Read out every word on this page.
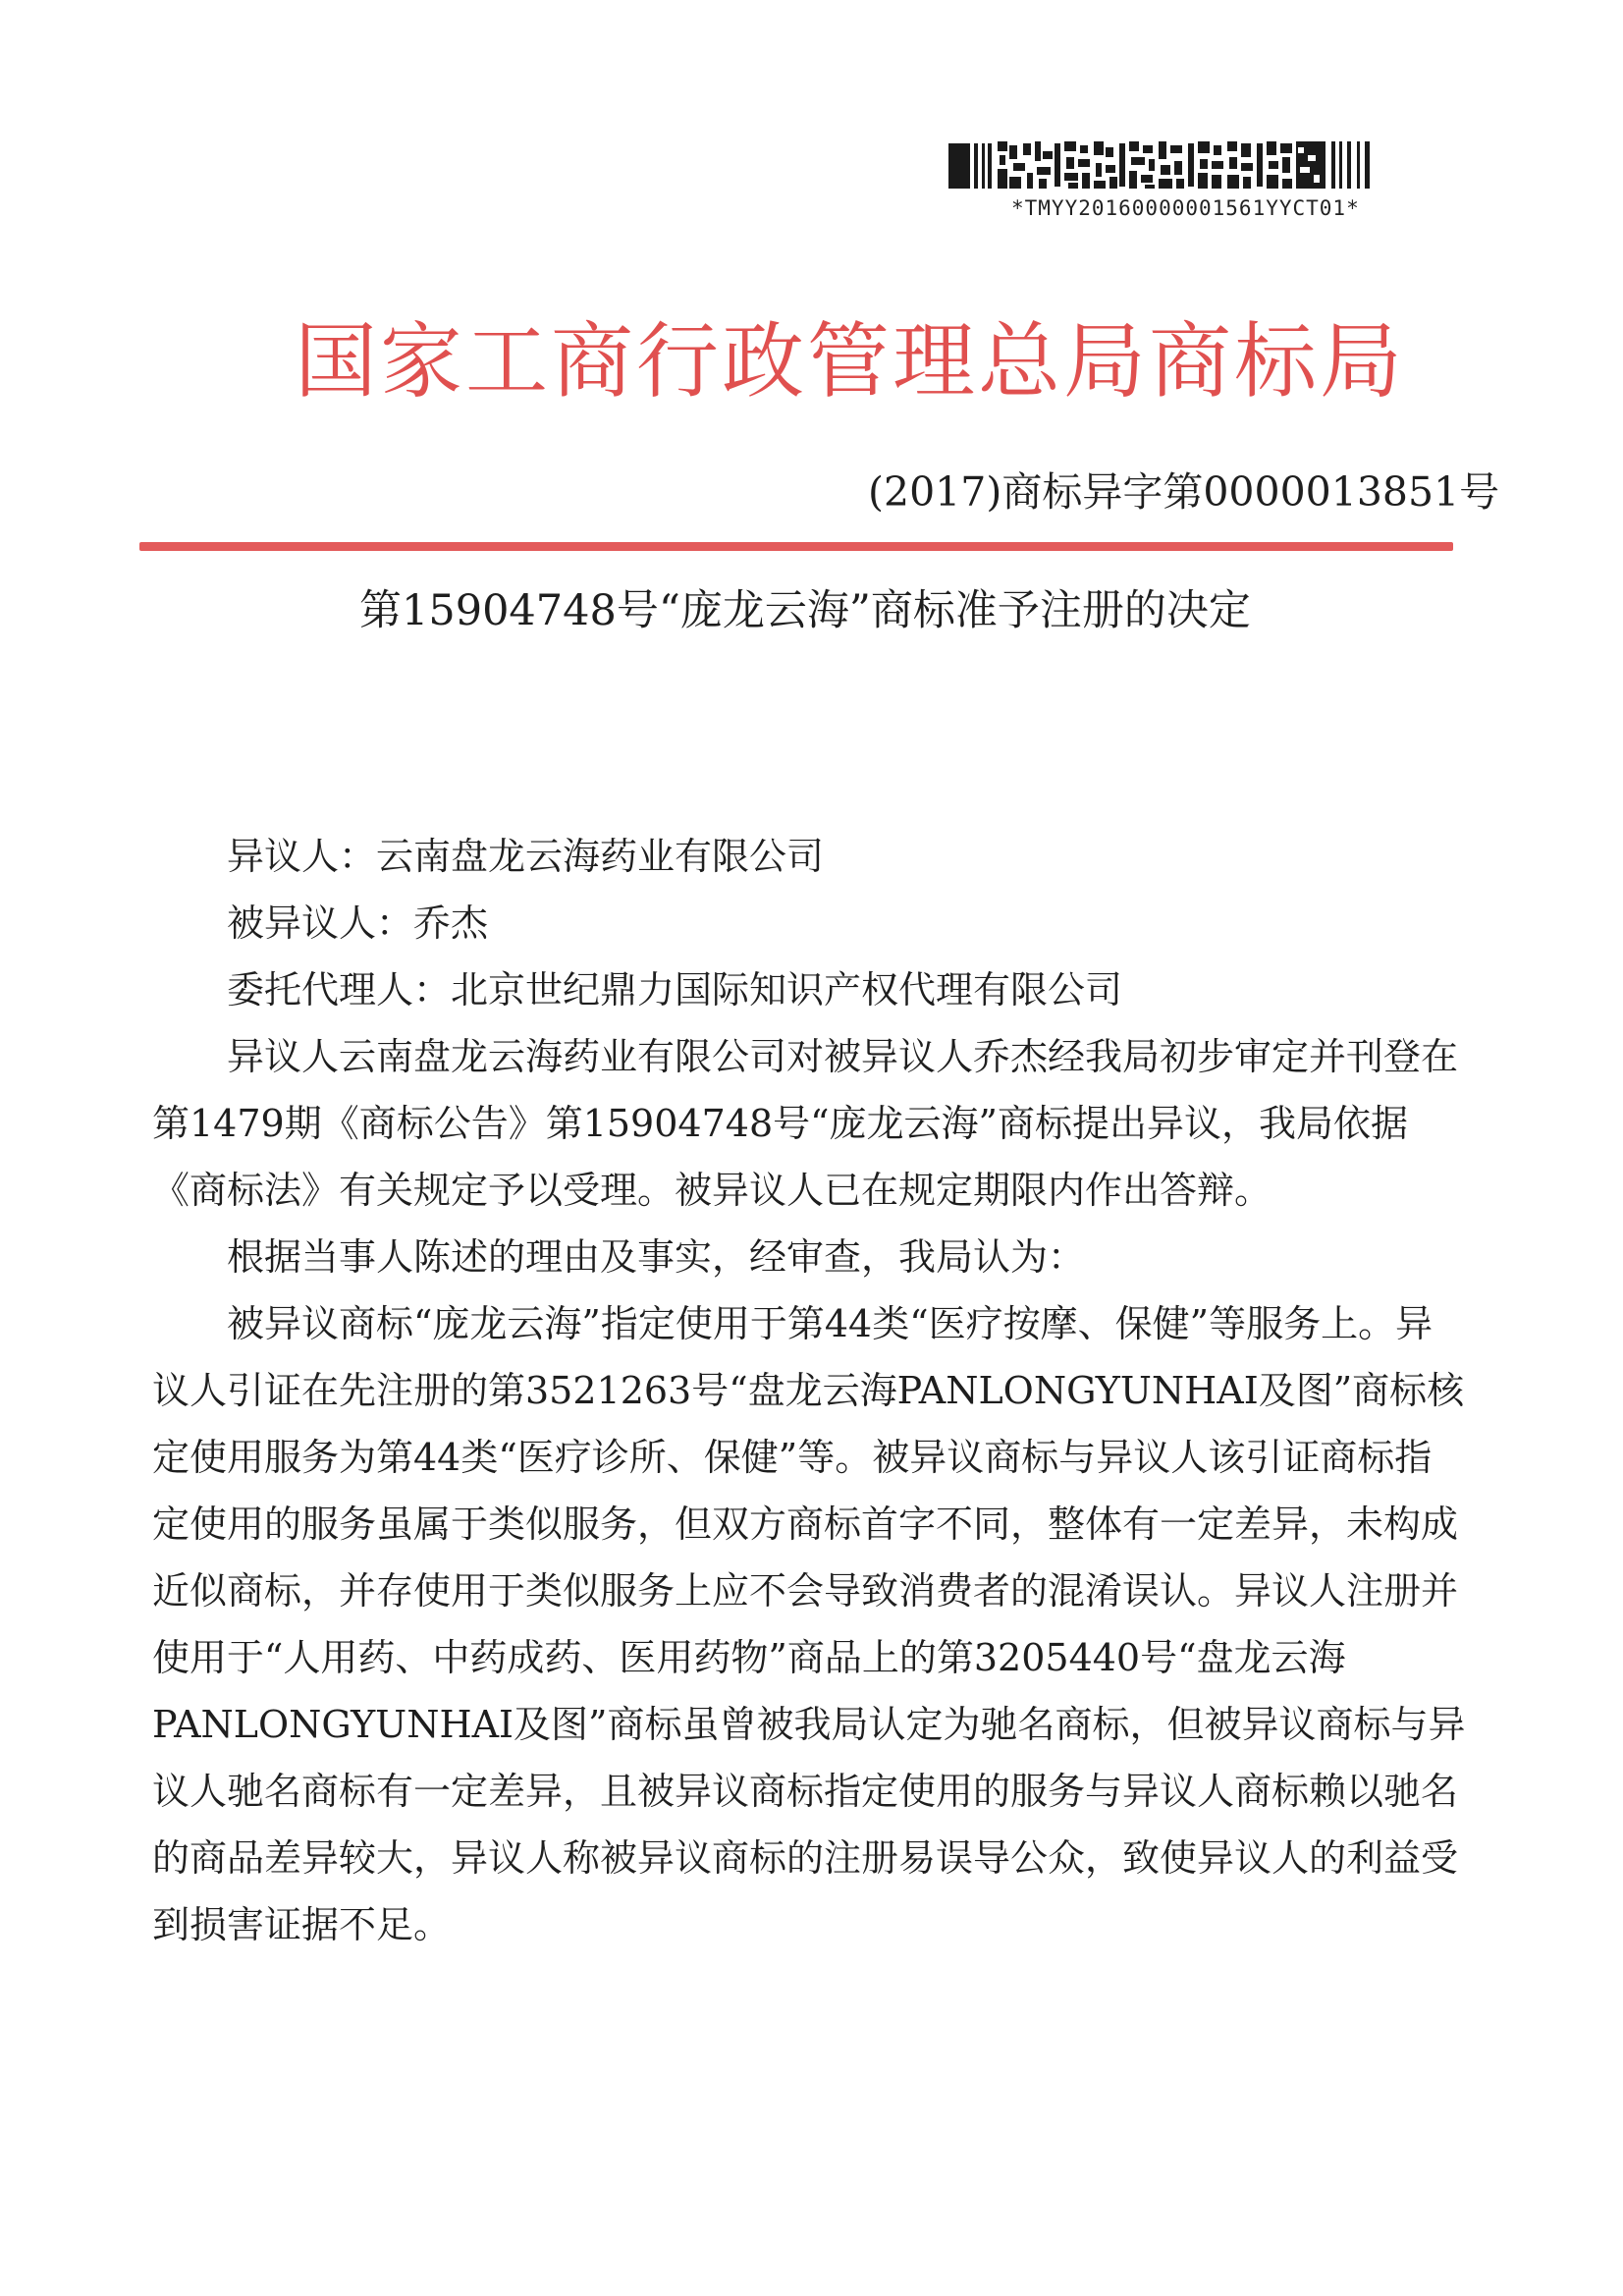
*TMYY20160000001561YYCT01*
国家工商行政管理总局商标局
(2017)商标异字第0000013851号
第15904748号“庞龙云海”商标准予注册的决定

异议人：云南盘龙云海药业有限公司

被异议人：乔杰

委托代理人：北京世纪鼎力国际知识产权代理有限公司

异议人云南盘龙云海药业有限公司对被异议人乔杰经我局初步审定并刊登在第1479期《商标公告》第15904748号“庞龙云海”商标提出异议，我局依据《商标法》有关规定予以受理。被异议人已在规定期限内作出答辩。

根据当事人陈述的理由及事实，经审查，我局认为：

被异议商标“庞龙云海”指定使用于第44类“医疗按摩、保健”等服务上。异议人引证在先注册的第3521263号“盘龙云海PANLONGYUNHAI及图”商标核定使用服务为第44类“医疗诊所、保健”等。被异议商标与异议人该引证商标指定使用的服务虽属于类似服务，但双方商标首字不同，整体有一定差异，未构成近似商标，并存使用于类似服务上应不会导致消费者的混淆误认。异议人注册并使用于“人用药、中药成药、医用药物”商品上的第3205440号“盘龙云海PANLONGYUNHAI及图”商标虽曾被我局认定为驰名商标，但被异议商标与异议人驰名商标有一定差异，且被异议商标指定使用的服务与异议人商标赖以驰名的商品差异较大，异议人称被异议商标的注册易误导公众，致使异议人的利益受到损害证据不足。
